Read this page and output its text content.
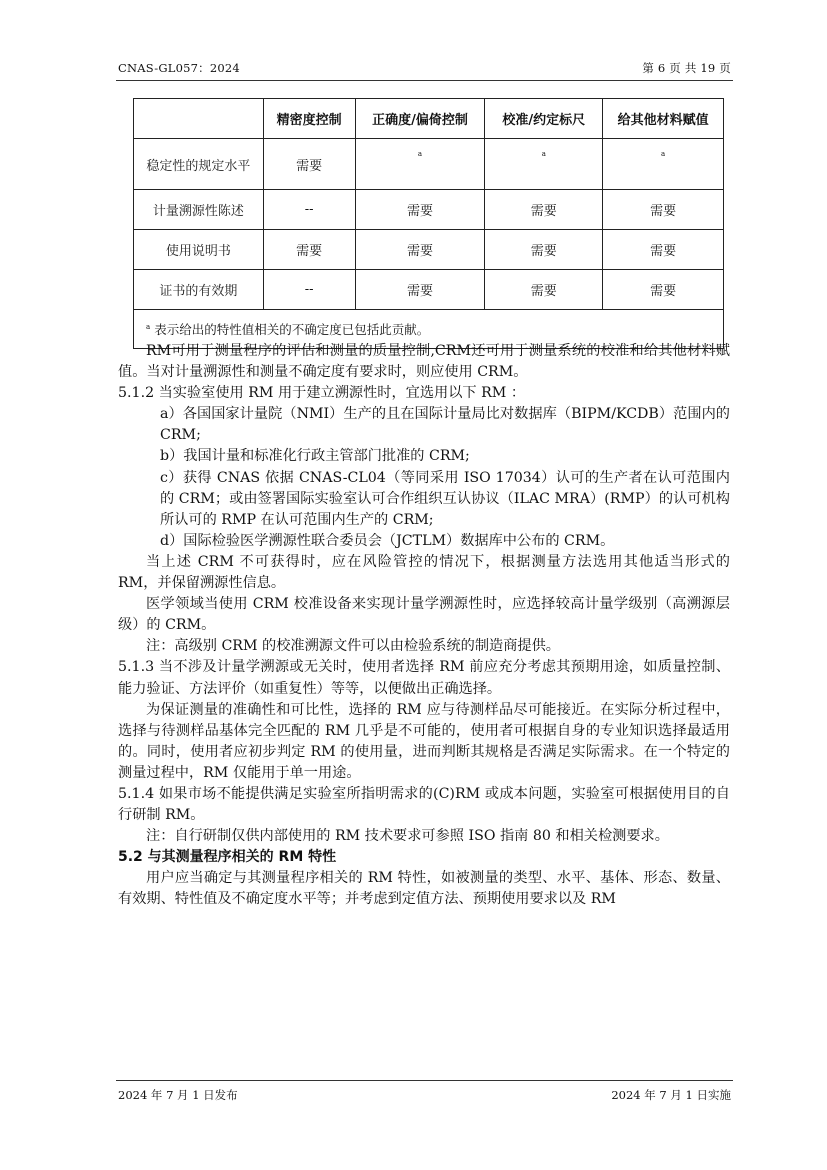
CNAS-GL057：2024	第 6 页 共 19 页
	精密度控制	正确度/偏倚控制	校准/约定标尺	给其他材料赋值
稳定性的规定水平	需要	a	a	a
计量溯源性陈述	--	需要	需要	需要
使用说明书	需要	需要	需要	需要
证书的有效期	--	需要	需要	需要
$^a$ 表示给出的特性值相关的不确定度已包括此贡献。				

RM可用于测量程序的评估和测量的质量控制,CRM还可用于测量系统的校准和给其他材料赋值。当对计量溯源性和测量不确定度有要求时，则应使用 CRM。

5.1.2 当实验室使用 RM 用于建立溯源性时，宜选用以下 RM ：

a）各国国家计量院（NMI）生产的且在国际计量局比对数据库（BIPM/KCDB）范围内的 CRM;

b）我国计量和标准化行政主管部门批准的 CRM;

c）获得 CNAS 依据 CNAS-CL04（等同采用 ISO 17034）认可的生产者在认可范围内的 CRM；或由签署国际实验室认可合作组织互认协议（ILAC MRA）(RMP）的认可机构所认可的 RMP 在认可范围内生产的 CRM;

d）国际检验医学溯源性联合委员会（JCTLM）数据库中公布的 CRM。

当上述 CRM 不可获得时，应在风险管控的情况下，根据测量方法选用其他适当形式的 RM，并保留溯源性信息。

医学领域当使用 CRM 校准设备来实现计量学溯源性时，应选择较高计量学级别（高溯源层级）的 CRM。

注：高级别 CRM 的校准溯源文件可以由检验系统的制造商提供。

5.1.3 当不涉及计量学溯源或无关时，使用者选择 RM 前应充分考虑其预期用途，如质量控制、能力验证、方法评价（如重复性）等等，以便做出正确选择。

为保证测量的准确性和可比性，选择的 RM 应与待测样品尽可能接近。在实际分析过程中，选择与待测样品基体完全匹配的 RM 几乎是不可能的，使用者可根据自身的专业知识选择最适用的。同时，使用者应初步判定 RM 的使用量，进而判断其规格是否满足实际需求。在一个特定的测量过程中，RM 仅能用于单一用途。

5.1.4 如果市场不能提供满足实验室所指明需求的(C)RM 或成本问题，实验室可根据使用目的自行研制 RM。

注：自行研制仅供内部使用的 RM 技术要求可参照 ISO 指南 80 和相关检测要求。

5.2 与其测量程序相关的 RM 特性

用户应当确定与其测量程序相关的 RM 特性，如被测量的类型、水平、基体、形态、数量、有效期、特性值及不确定度水平等；并考虑到定值方法、预期使用要求以及 RM

2024 年 7 月 1 日发布	2024 年 7 月 1 日实施
